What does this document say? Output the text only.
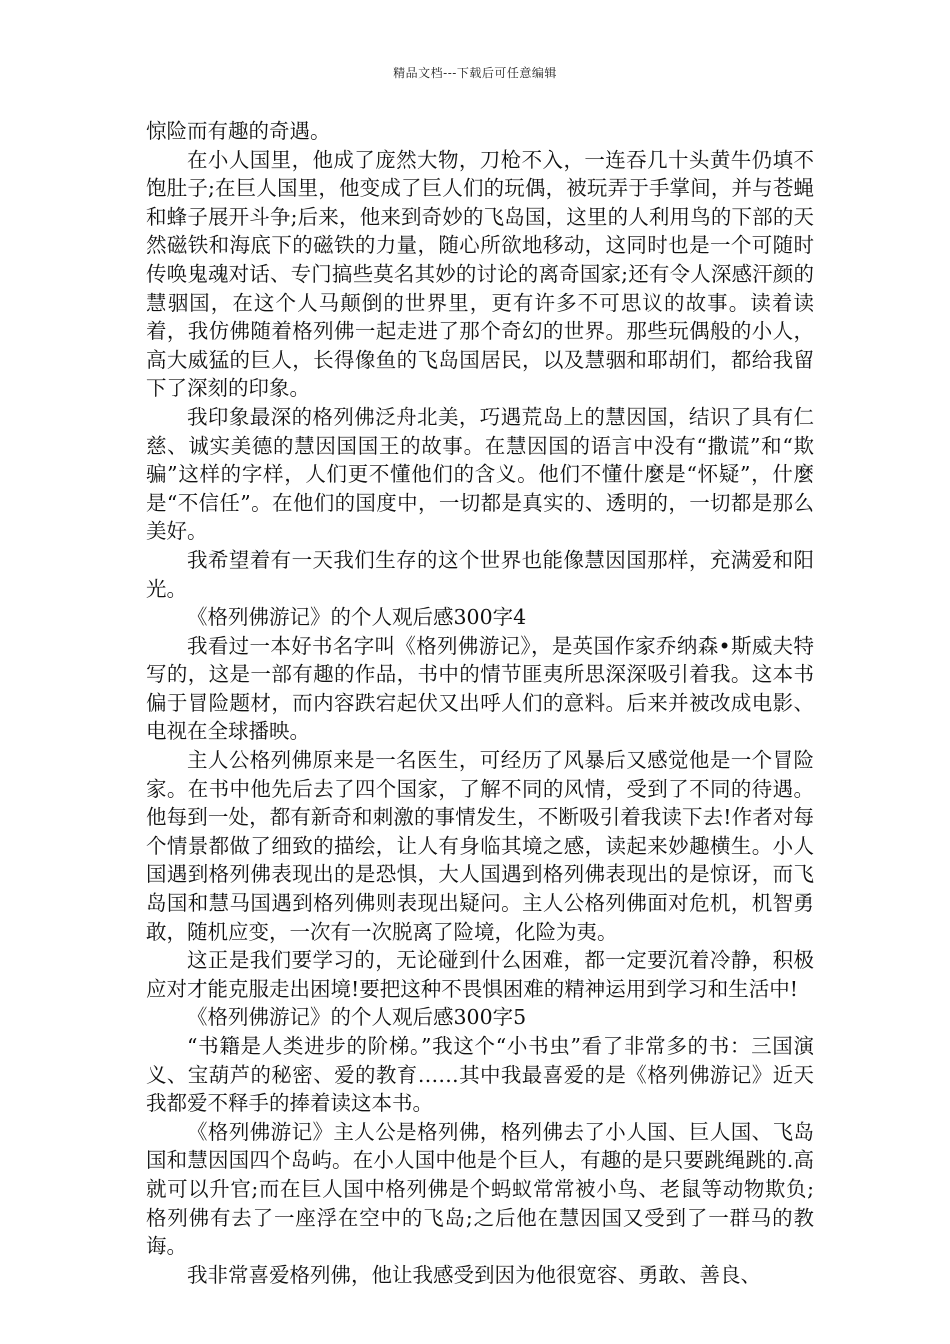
精品文档---下载后可任意编辑

惊险而有趣的奇遇。

在小人国里，他成了庞然大物，刀枪不入，一连吞几十头黄牛仍填不饱肚子;在巨人国里，他变成了巨人们的玩偶，被玩弄于手掌间，并与苍蝇和蜂子展开斗争;后来，他来到奇妙的飞岛国，这里的人利用鸟的下部的天然磁铁和海底下的磁铁的力量，随心所欲地移动，这同时也是一个可随时传唤鬼魂对话、专门搞些莫名其妙的讨论的离奇国家;还有令人深感汗颜的慧骃国，在这个人马颠倒的世界里，更有许多不可思议的故事。读着读着，我仿佛随着格列佛一起走进了那个奇幻的世界。那些玩偶般的小人，高大威猛的巨人，长得像鱼的飞岛国居民，以及慧骃和耶胡们，都给我留下了深刻的印象。

我印象最深的格列佛泛舟北美，巧遇荒岛上的慧因国，结识了具有仁慈、诚实美德的慧因国国王的故事。在慧因国的语言中没有“撒谎”和“欺骗”这样的字样，人们更不懂他们的含义。他们不懂什麼是“怀疑”，什麼是“不信任”。在他们的国度中，一切都是真实的、透明的，一切都是那么美好。

我希望着有一天我们生存的这个世界也能像慧因国那样，充满爱和阳光。

《格列佛游记》的个人观后感300字4

我看过一本好书名字叫《格列佛游记》，是英国作家乔纳森•斯威夫特写的，这是一部有趣的作品，书中的情节匪夷所思深深吸引着我。这本书偏于冒险题材，而内容跌宕起伏又出呼人们的意料。后来并被改成电影、电视在全球播映。

主人公格列佛原来是一名医生，可经历了风暴后又感觉他是一个冒险家。在书中他先后去了四个国家，了解不同的风情，受到了不同的待遇。他每到一处，都有新奇和刺激的事情发生，不断吸引着我读下去!作者对每个情景都做了细致的描绘，让人有身临其境之感，读起来妙趣横生。小人国遇到格列佛表现出的是恐惧，大人国遇到格列佛表现出的是惊讶，而飞岛国和慧马国遇到格列佛则表现出疑问。主人公格列佛面对危机，机智勇敢，随机应变，一次有一次脱离了险境，化险为夷。

这正是我们要学习的，无论碰到什么困难，都一定要沉着冷静，积极应对才能克服走出困境!要把这种不畏惧困难的精神运用到学习和生活中!

《格列佛游记》的个人观后感300字5

“书籍是人类进步的阶梯。”我这个“小书虫”看了非常多的书：三国演义、宝葫芦的秘密、爱的教育……其中我最喜爱的是《格列佛游记》近天我都爱不释手的捧着读这本书。

《格列佛游记》主人公是格列佛，格列佛去了小人国、巨人国、飞岛国和慧因国四个岛屿。在小人国中他是个巨人，有趣的是只要跳绳跳的.高就可以升官;而在巨人国中格列佛是个蚂蚁常常被小鸟、老鼠等动物欺负;格列佛有去了一座浮在空中的飞岛;之后他在慧因国又受到了一群马的教诲。

我非常喜爱格列佛，他让我感受到因为他很宽容、勇敢、善良、
